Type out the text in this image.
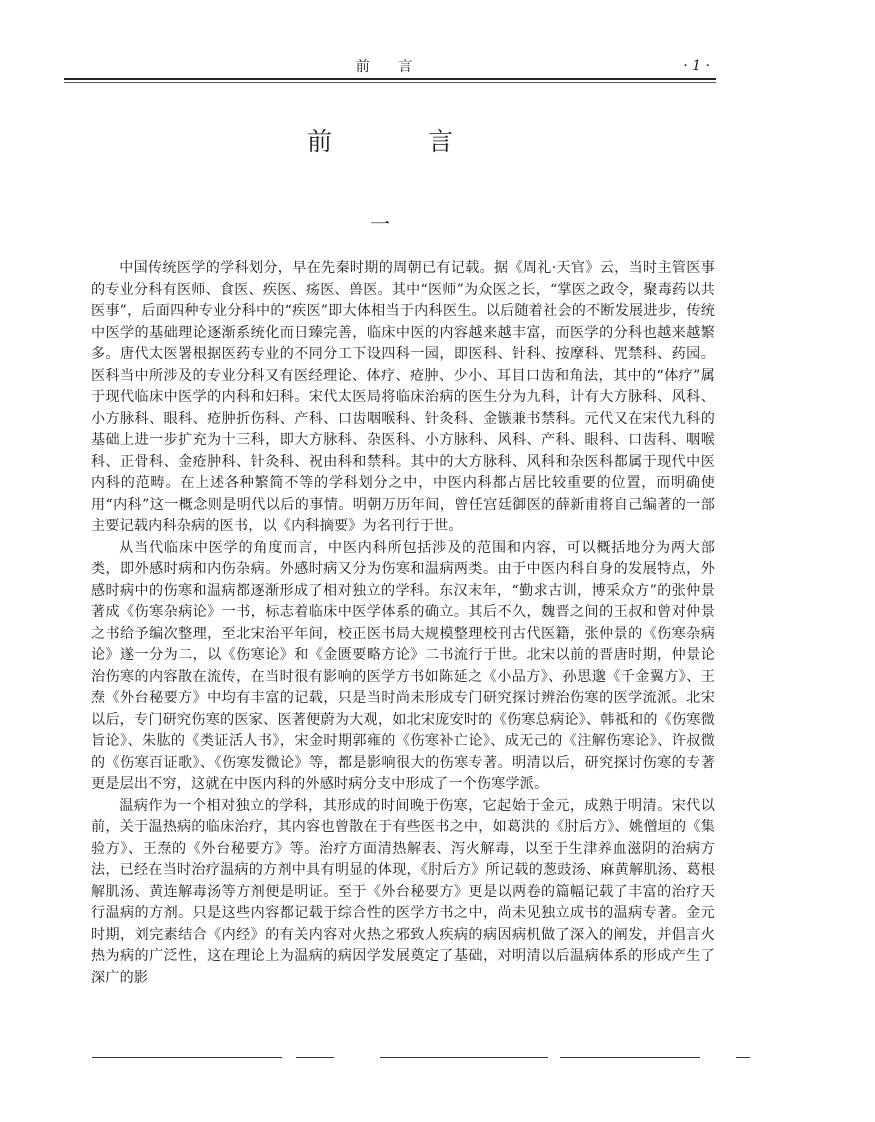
前 言	· 1 ·
前 言
一

中国传统医学的学科划分，早在先秦时期的周朝已有记载。据《周礼·天官》云，当时主管医事的专业分科有医师、食医、疾医、疡医、兽医。其中“医师”为众医之长，“掌医之政令，聚毒药以共医事”，后面四种专业分科中的“疾医”即大体相当于内科医生。以后随着社会的不断发展进步，传统中医学的基础理论逐渐系统化而日臻完善，临床中医的内容越来越丰富，而医学的分科也越来越繁多。唐代太医署根据医药专业的不同分工下设四科一园，即医科、针科、按摩科、咒禁科、药园。医科当中所涉及的专业分科又有医经理论、体疗、疮肿、少小、耳目口齿和角法，其中的“体疗”属于现代临床中医学的内科和妇科。宋代太医局将临床治病的医生分为九科，计有大方脉科、风科、小方脉科、眼科、疮肿折伤科、产科、口齿咽喉科、针灸科、金镞兼书禁科。元代又在宋代九科的基础上进一步扩充为十三科，即大方脉科、杂医科、小方脉科、风科、产科、眼科、口齿科、咽喉科、正骨科、金疮肿科、针灸科、祝由科和禁科。其中的大方脉科、风科和杂医科都属于现代中医内科的范畴。在上述各种繁简不等的学科划分之中，中医内科都占居比较重要的位置，而明确使用“内科”这一概念则是明代以后的事情。明朝万历年间，曾任宫廷御医的薛新甫将自己编著的一部主要记载内科杂病的医书，以《内科摘要》为名刊行于世。

从当代临床中医学的角度而言，中医内科所包括涉及的范围和内容，可以概括地分为两大部类，即外感时病和内伤杂病。外感时病又分为伤寒和温病两类。由于中医内科自身的发展特点，外感时病中的伤寒和温病都逐渐形成了相对独立的学科。东汉末年，“勤求古训，博采众方”的张仲景著成《伤寒杂病论》一书，标志着临床中医学体系的确立。其后不久，魏晋之间的王叔和曾对仲景之书给予编次整理，至北宋治平年间，校正医书局大规模整理校刊古代医籍，张仲景的《伤寒杂病论》遂一分为二，以《伤寒论》和《金匮要略方论》二书流行于世。北宋以前的晋唐时期，仲景论治伤寒的内容散在流传，在当时很有影响的医学方书如陈延之《小品方》、孙思邈《千金翼方》、王焘《外台秘要方》中均有丰富的记载，只是当时尚未形成专门研究探讨辨治伤寒的医学流派。北宋以后，专门研究伤寒的医家、医著便蔚为大观，如北宋庞安时的《伤寒总病论》、韩祗和的《伤寒微旨论》、朱肱的《类证活人书》，宋金时期郭雍的《伤寒补亡论》、成无己的《注解伤寒论》、许叔微的《伤寒百证歌》、《伤寒发微论》等，都是影响很大的伤寒专著。明清以后，研究探讨伤寒的专著更是层出不穷，这就在中医内科的外感时病分支中形成了一个伤寒学派。

温病作为一个相对独立的学科，其形成的时间晚于伤寒，它起始于金元，成熟于明清。宋代以前，关于温热病的临床治疗，其内容也曾散在于有些医书之中，如葛洪的《肘后方》、姚僧垣的《集验方》、王焘的《外台秘要方》等。治疗方面清热解表、泻火解毒，以至于生津养血滋阴的治病方法，已经在当时治疗温病的方剂中具有明显的体现，《肘后方》所记载的葱豉汤、麻黄解肌汤、葛根解肌汤、黄连解毒汤等方剂便是明证。至于《外台秘要方》更是以两卷的篇幅记载了丰富的治疗天行温病的方剂。只是这些内容都记载于综合性的医学方书之中，尚未见独立成书的温病专著。金元时期，刘完素结合《内经》的有关内容对火热之邪致人疾病的病因病机做了深入的阐发，并倡言火热为病的广泛性，这在理论上为温病的病因学发展奠定了基础，对明清以后温病体系的形成产生了深广的影
